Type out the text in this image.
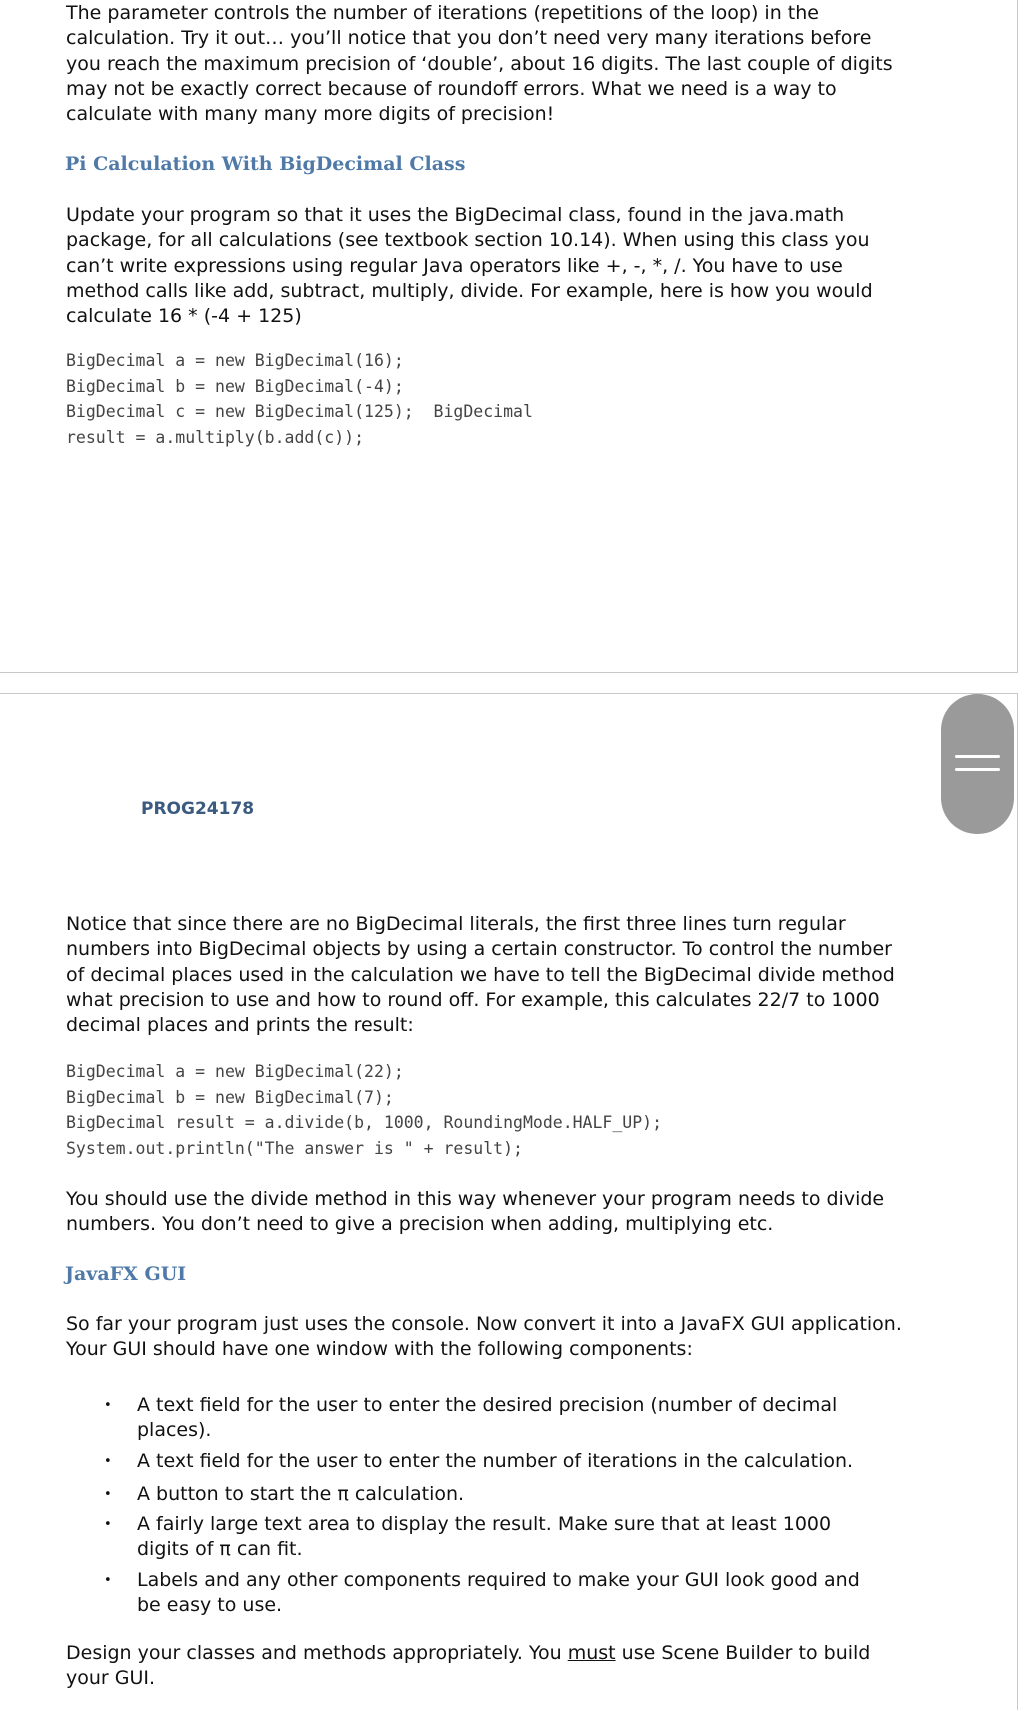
The parameter controls the number of iterations (repetitions of the loop) in the calculation. Try it out… you’ll notice that you don’t need very many iterations before you reach the maximum precision of ‘double’, about 16 digits. The last couple of digits may not be exactly correct because of roundoff errors. What we need is a way to calculate with many many more digits of precision!

Pi Calculation With BigDecimal Class

Update your program so that it uses the BigDecimal class, found in the java.math package, for all calculations (see textbook section 10.14). When using this class you can’t write expressions using regular Java operators like +, -, *, /. You have to use method calls like add, subtract, multiply, divide. For example, here is how you would calculate 16 * (-4 + 125)

BigDecimal a = new BigDecimal(16);
BigDecimal b = new BigDecimal(-4);
BigDecimal c = new BigDecimal(125);  BigDecimal
result = a.multiply(b.add(c));
PROG24178

Notice that since there are no BigDecimal literals, the first three lines turn regular numbers into BigDecimal objects by using a certain constructor. To control the number of decimal places used in the calculation we have to tell the BigDecimal divide method what precision to use and how to round off. For example, this calculates 22/7 to 1000 decimal places and prints the result:

BigDecimal a = new BigDecimal(22);
BigDecimal b = new BigDecimal(7);
BigDecimal result = a.divide(b, 1000, RoundingMode.HALF_UP);
System.out.println("The answer is " + result);

You should use the divide method in this way whenever your program needs to divide numbers. You don’t need to give a precision when adding, multiplying etc.

JavaFX GUI

So far your program just uses the console. Now convert it into a JavaFX GUI application. Your GUI should have one window with the following components:

• A text field for the user to enter the desired precision (number of decimal places).
• A text field for the user to enter the number of iterations in the calculation.
• A button to start the π calculation.
• A fairly large text area to display the result. Make sure that at least 1000 digits of π can fit.
• Labels and any other components required to make your GUI look good and be easy to use.

Design your classes and methods appropriately. You must use Scene Builder to build your GUI.
